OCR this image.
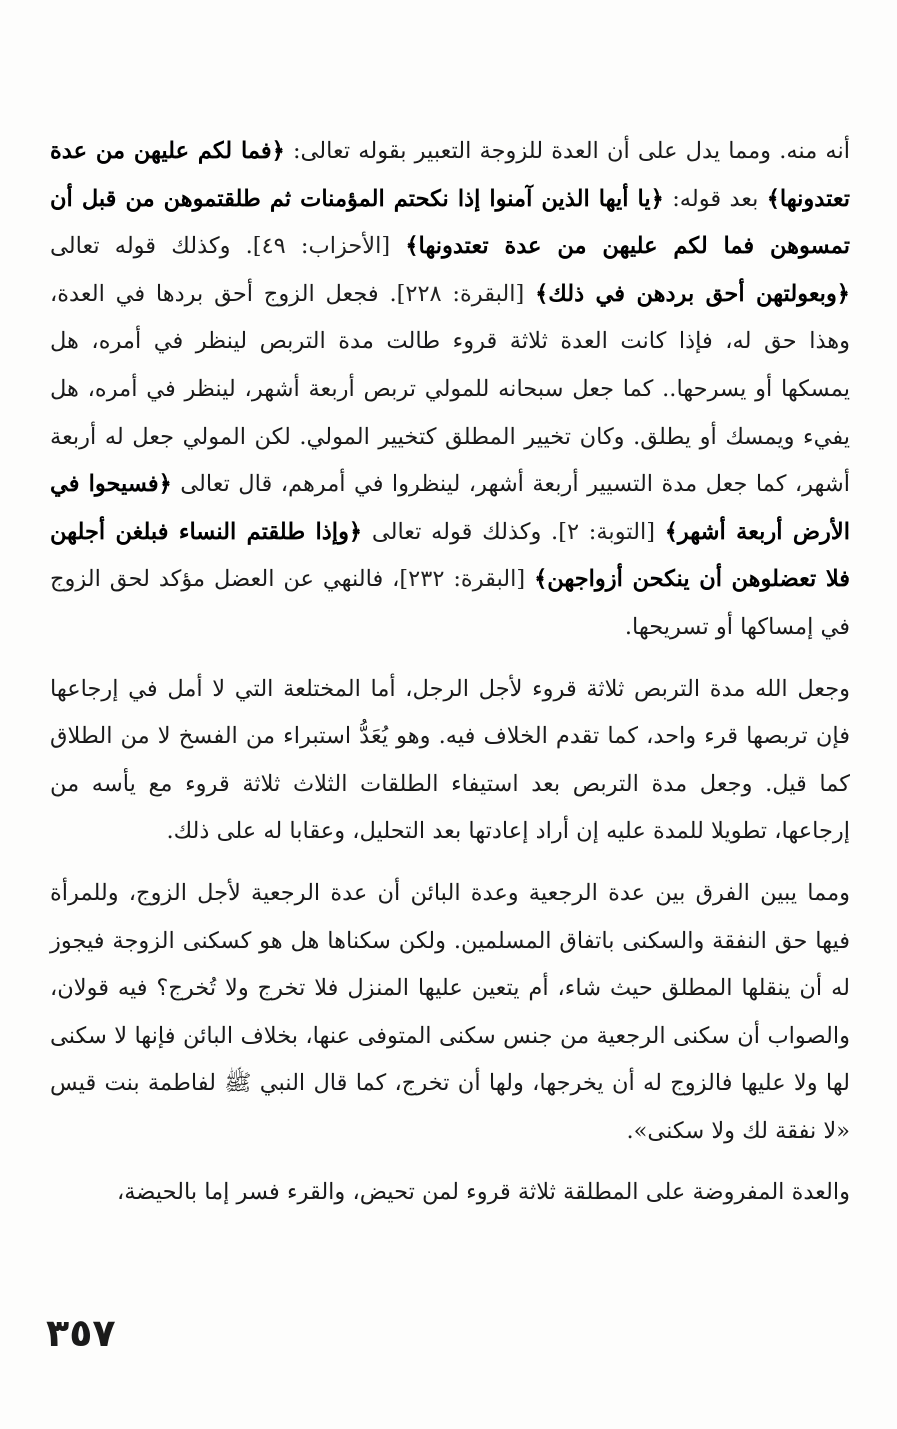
أنه منه. ومما يدل على أن العدة للزوجة التعبير بقوله تعالى: ﴿فما لكم عليهن من عدة تعتدونها﴾ بعد قوله: ﴿يا أيها الذين آمنوا إذا نكحتم المؤمنات ثم طلقتموهن من قبل أن تمسوهن فما لكم عليهن من عدة تعتدونها﴾ [الأحزاب: ٤٩]. وكذلك قوله تعالى ﴿وبعولتهن أحق بردهن في ذلك﴾ [البقرة: ٢٢٨]. فجعل الزوج أحق بردها في العدة، وهذا حق له، فإذا كانت العدة ثلاثة قروء طالت مدة التربص لينظر في أمره، هل يمسكها أو يسرحها.. كما جعل سبحانه للمولي تربص أربعة أشهر، لينظر في أمره، هل يفيء ويمسك أو يطلق. وكان تخيير المطلق كتخيير المولي. لكن المولي جعل له أربعة أشهر، كما جعل مدة التسيير أربعة أشهر، لينظروا في أمرهم، قال تعالى ﴿فسيحوا في الأرض أربعة أشهر﴾ [التوبة: ٢]. وكذلك قوله تعالى ﴿وإذا طلقتم النساء فبلغن أجلهن فلا تعضلوهن أن ينكحن أزواجهن﴾ [البقرة: ٢٣٢]، فالنهي عن العضل مؤكد لحق الزوج في إمساكها أو تسريحها.

وجعل الله مدة التربص ثلاثة قروء لأجل الرجل، أما المختلعة التي لا أمل في إرجاعها فإن تربصها قرء واحد، كما تقدم الخلاف فيه. وهو يُعَدُّ استبراء من الفسخ لا من الطلاق كما قيل. وجعل مدة التربص بعد استيفاء الطلقات الثلاث ثلاثة قروء مع يأسه من إرجاعها، تطويلا للمدة عليه إن أراد إعادتها بعد التحليل، وعقابا له على ذلك.

ومما يبين الفرق بين عدة الرجعية وعدة البائن أن عدة الرجعية لأجل الزوج، وللمرأة فيها حق النفقة والسكنى باتفاق المسلمين. ولكن سكناها هل هو كسكنى الزوجة فيجوز له أن ينقلها المطلق حيث شاء، أم يتعين عليها المنزل فلا تخرج ولا تُخرج؟ فيه قولان، والصواب أن سكنى الرجعية من جنس سكنى المتوفى عنها، بخلاف البائن فإنها لا سكنى لها ولا عليها فالزوج له أن يخرجها، ولها أن تخرج، كما قال النبي ﷺ لفاطمة بنت قيس «لا نفقة لك ولا سكنى».

والعدة المفروضة على المطلقة ثلاثة قروء لمن تحيض، والقرء فسر إما بالحيضة،

٣٥٧
